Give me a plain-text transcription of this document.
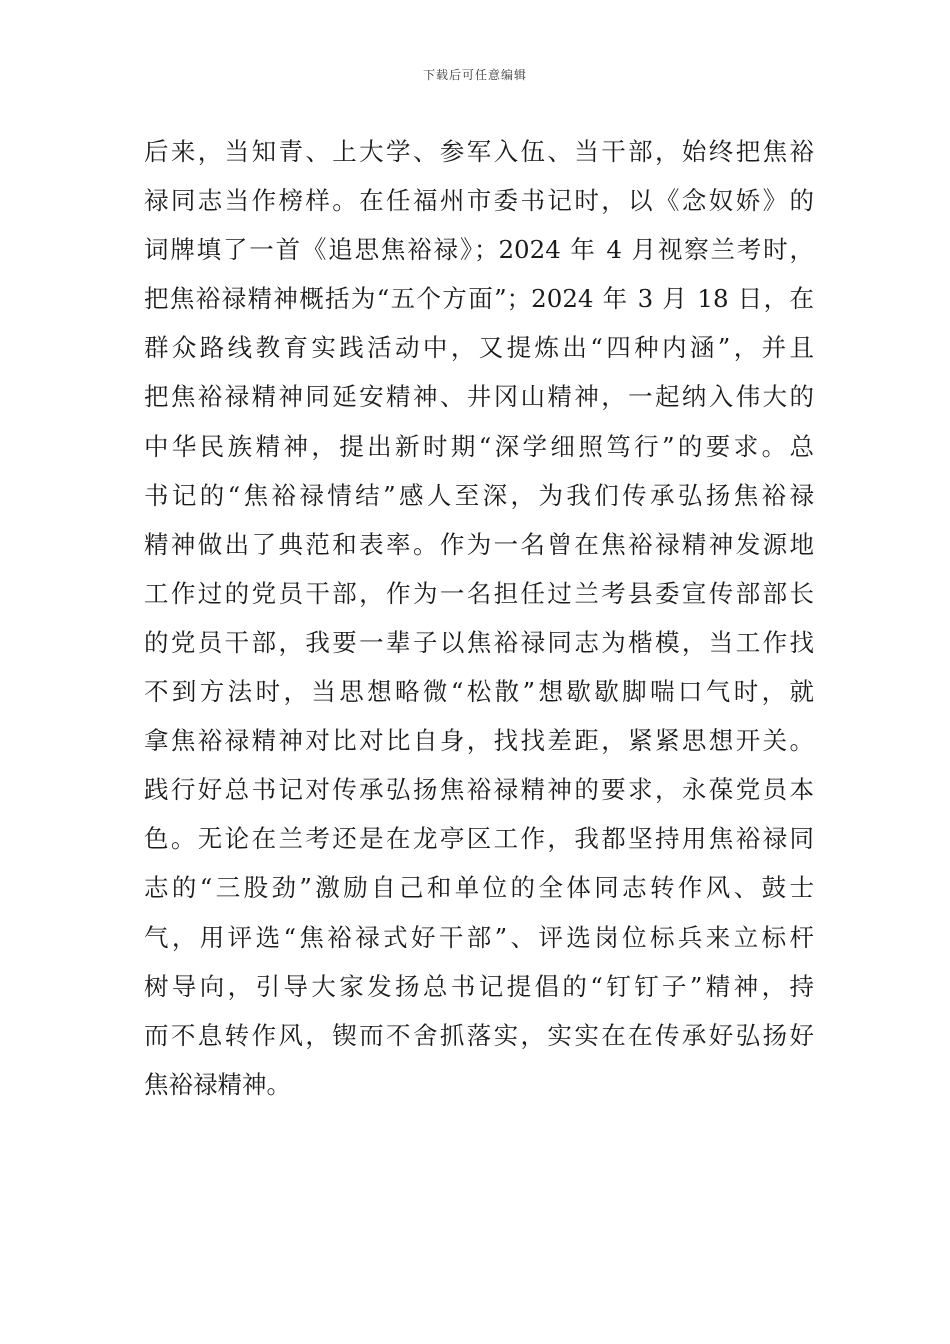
下载后可任意编辑
后来，当知青、上大学、参军入伍、当干部，始终把焦裕
禄同志当作榜样。在任福州市委书记时，以《念奴娇》的
词牌填了一首《追思焦裕禄》；2024 年 4 月视察兰考时，
把焦裕禄精神概括为“五个方面”；2024 年 3 月 18 日，在
群众路线教育实践活动中，又提炼出“四种内涵”，并且
把焦裕禄精神同延安精神、井冈山精神，一起纳入伟大的
中华民族精神，提出新时期“深学细照笃行”的要求。总
书记的“焦裕禄情结”感人至深，为我们传承弘扬焦裕禄
精神做出了典范和表率。作为一名曾在焦裕禄精神发源地
工作过的党员干部，作为一名担任过兰考县委宣传部部长
的党员干部，我要一辈子以焦裕禄同志为楷模，当工作找
不到方法时，当思想略微“松散”想歇歇脚喘口气时，就
拿焦裕禄精神对比对比自身，找找差距，紧紧思想开关。
践行好总书记对传承弘扬焦裕禄精神的要求，永葆党员本
色。无论在兰考还是在龙亭区工作，我都坚持用焦裕禄同
志的“三股劲”激励自己和单位的全体同志转作风、鼓士
气，用评选“焦裕禄式好干部”、评选岗位标兵来立标杆
树导向，引导大家发扬总书记提倡的“钉钉子”精神，持
而不息转作风，锲而不舍抓落实，实实在在传承好弘扬好
焦裕禄精神。
